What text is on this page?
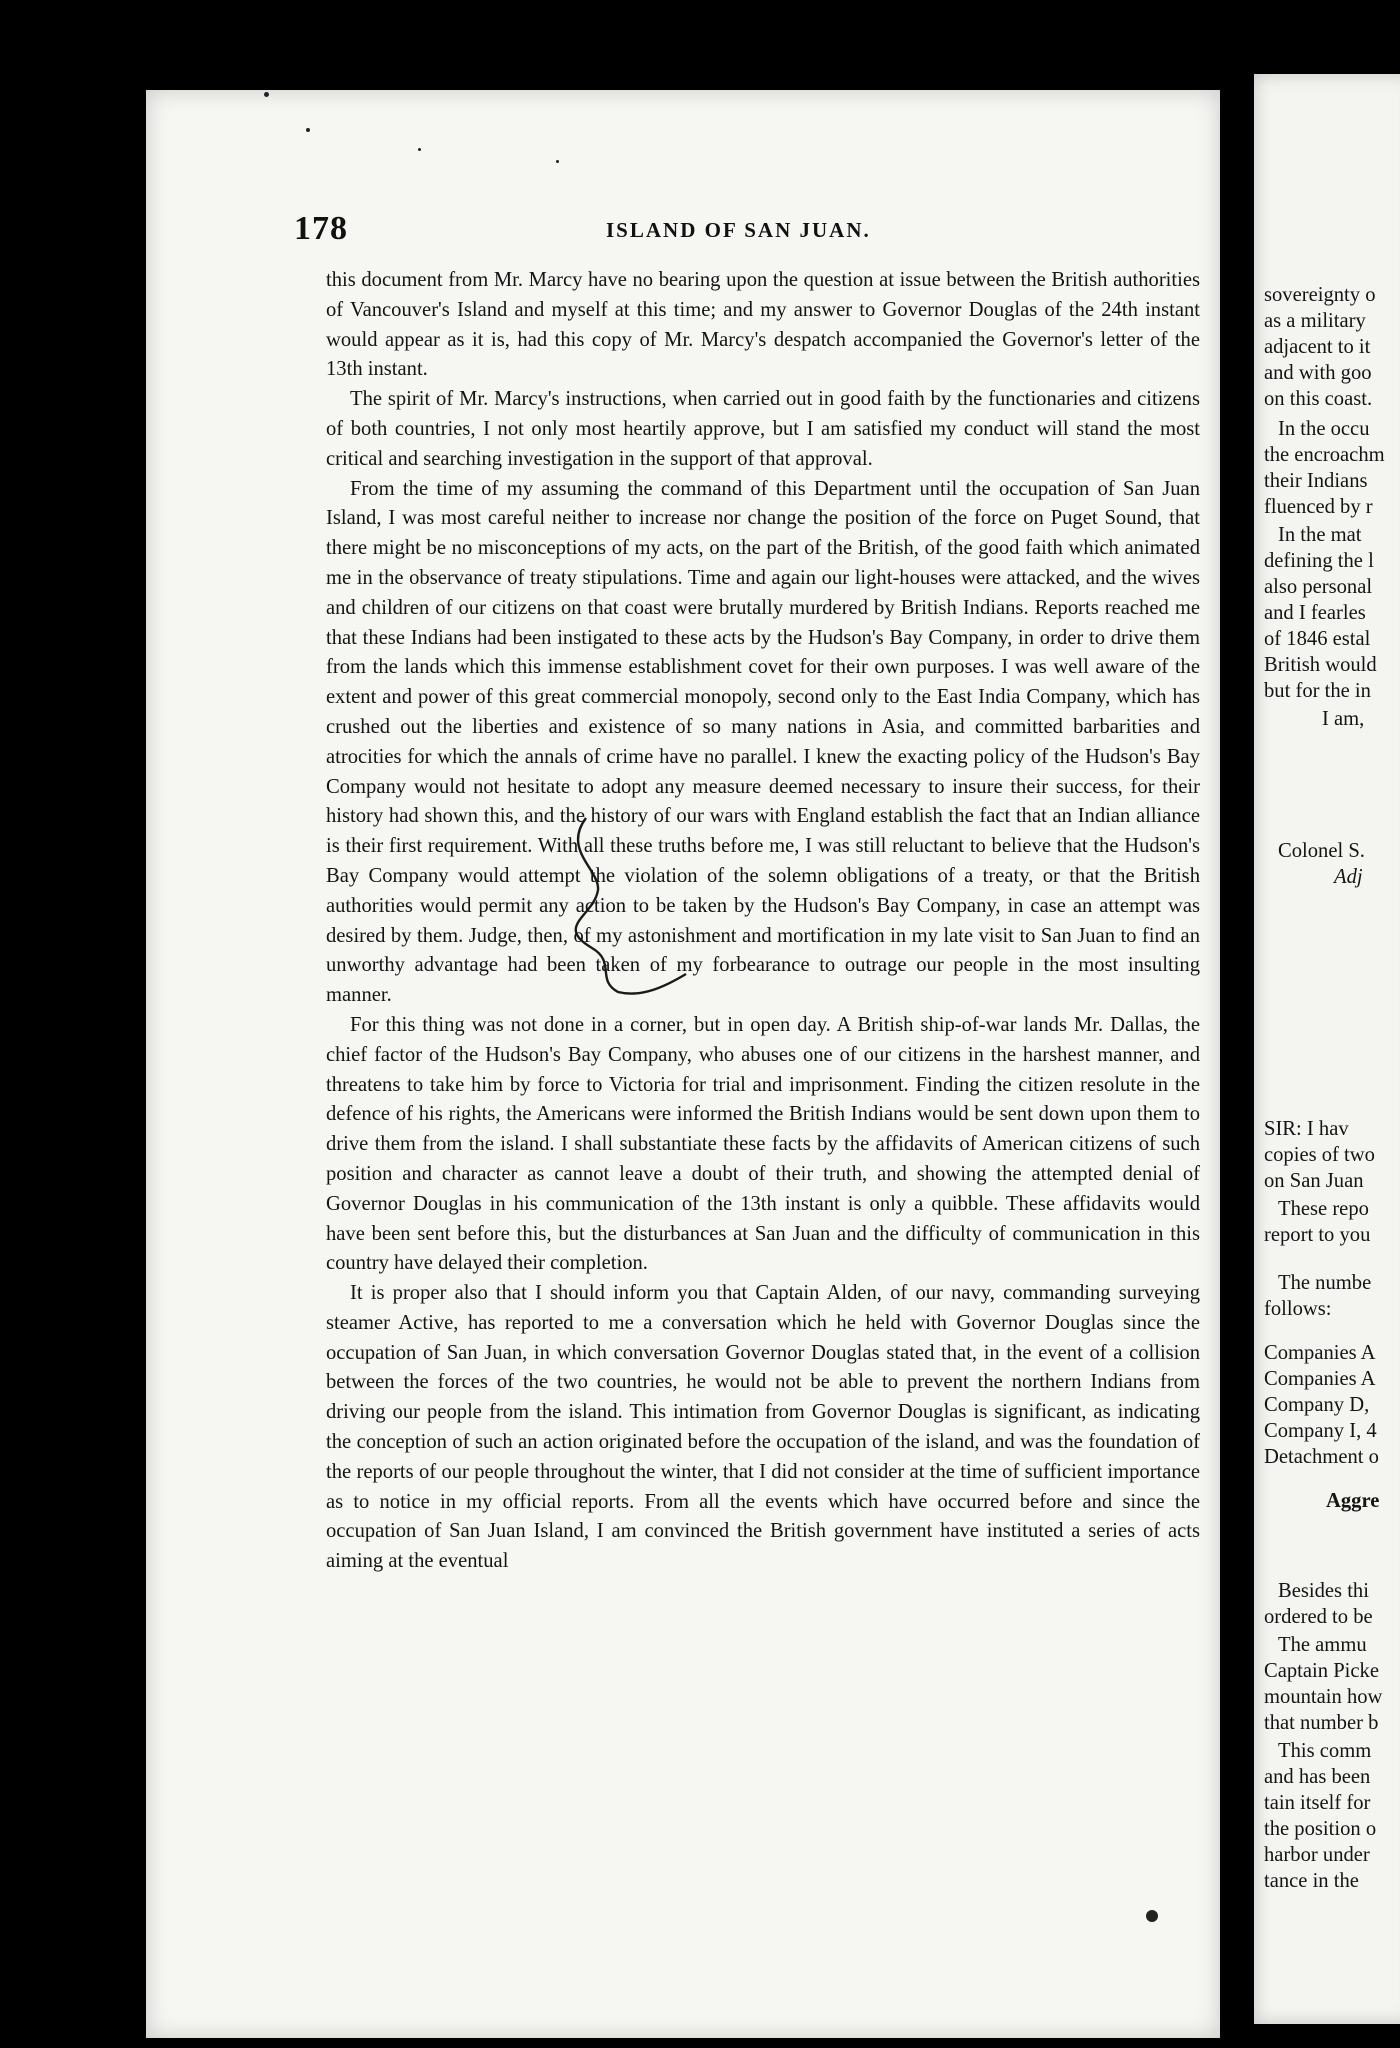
178	ISLAND OF SAN JUAN.

this document from Mr. Marcy have no bearing upon the question at issue between the British authorities of Vancouver's Island and myself at this time; and my answer to Governor Douglas of the 24th instant would appear as it is, had this copy of Mr. Marcy's despatch accompanied the Governor's letter of the 13th instant.

The spirit of Mr. Marcy's instructions, when carried out in good faith by the functionaries and citizens of both countries, I not only most heartily approve, but I am satisfied my conduct will stand the most critical and searching investigation in the support of that approval.

From the time of my assuming the command of this Department until the occupation of San Juan Island, I was most careful neither to increase nor change the position of the force on Puget Sound, that there might be no misconceptions of my acts, on the part of the British, of the good faith which animated me in the observance of treaty stipulations. Time and again our light-houses were attacked, and the wives and children of our citizens on that coast were brutally murdered by British Indians. Reports reached me that these Indians had been instigated to these acts by the Hudson's Bay Company, in order to drive them from the lands which this immense establishment covet for their own purposes. I was well aware of the extent and power of this great commercial monopoly, second only to the East India Company, which has crushed out the liberties and existence of so many nations in Asia, and committed barbarities and atrocities for which the annals of crime have no parallel. I knew the exacting policy of the Hudson's Bay Company would not hesitate to adopt any measure deemed necessary to insure their success, for their history had shown this, and the history of our wars with England establish the fact that an Indian alliance is their first requirement. With all these truths before me, I was still reluctant to believe that the Hudson's Bay Company would attempt the violation of the solemn obligations of a treaty, or that the British authorities would permit any action to be taken by the Hudson's Bay Company, in case an attempt was desired by them. Judge, then, of my astonishment and mortification in my late visit to San Juan to find an unworthy advantage had been taken of my forbearance to outrage our people in the most insulting manner.

For this thing was not done in a corner, but in open day. A British ship-of-war lands Mr. Dallas, the chief factor of the Hudson's Bay Company, who abuses one of our citizens in the harshest manner, and threatens to take him by force to Victoria for trial and imprisonment. Finding the citizen resolute in the defence of his rights, the Americans were informed the British Indians would be sent down upon them to drive them from the island. I shall substantiate these facts by the affidavits of American citizens of such position and character as cannot leave a doubt of their truth, and showing the attempted denial of Governor Douglas in his communication of the 13th instant is only a quibble. These affidavits would have been sent before this, but the disturbances at San Juan and the difficulty of communication in this country have delayed their completion.

It is proper also that I should inform you that Captain Alden, of our navy, commanding surveying steamer Active, has reported to me a conversation which he held with Governor Douglas since the occupation of San Juan, in which conversation Governor Douglas stated that, in the event of a collision between the forces of the two countries, he would not be able to prevent the northern Indians from driving our people from the island. This intimation from Governor Douglas is significant, as indicating the conception of such an action originated before the occupation of the island, and was the foundation of the reports of our people throughout the winter, that I did not consider at the time of sufficient importance as to notice in my official reports. From all the events which have occurred before and since the occupation of San Juan Island, I am convinced the British government have instituted a series of acts aiming at the eventual

sovereignty o
as a military
adjacent to it
and with goo
on this coast.
In the occu
the encroachm
their Indians
fluenced by r
In the mat
defining the l
also personal
and I fearles
of 1846 estal
British would
but for the in
I am,
Colonel S.
Adj
SIR: I hav
copies of two
on San Juan
These repo
report to you
The numbe
follows:
Companies A
Companies A
Company D,
Company I, 4
Detachment o
Aggre
Besides thi
ordered to be
The ammu
Captain Picke
mountain how
that number b
This comm
and has been
tain itself for
the position o
harbor under
tance in the
